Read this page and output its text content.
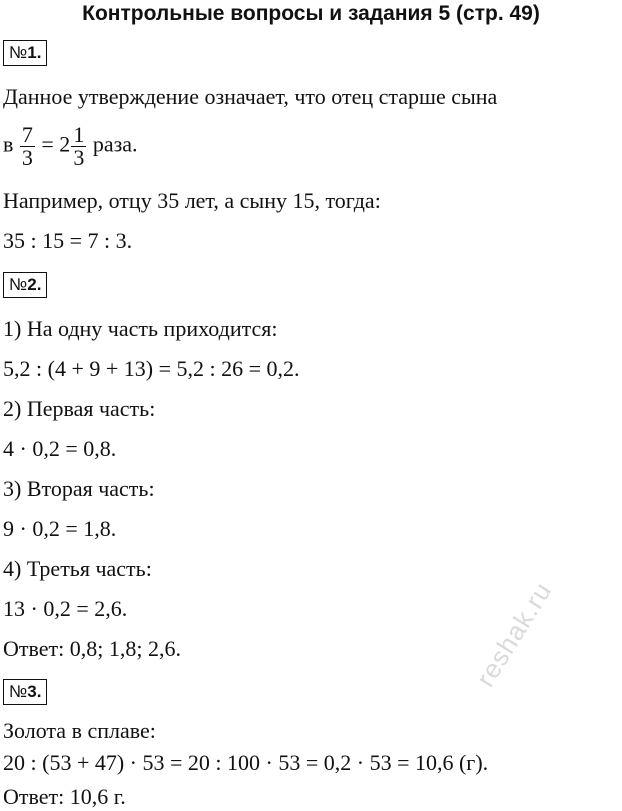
Контрольные вопросы и задания 5 (стр. 49)
№1.
Данное утверждение означает, что отец старше сына
в $\frac{7}{3} = 2 \frac{1}{3}$ раза.
Например, отцу 35 лет, а сыну 15, тогда:
35 : 15 = 7 : 3.
№2.
1) На одну часть приходится:
5,2 : (4 + 9 + 13) = 5,2 : 26 = 0,2.
2) Первая часть:
4 · 0,2 = 0,8.
3) Вторая часть:
9 · 0,2 = 1,8.
4) Третья часть:
13 · 0,2 = 2,6.
Ответ: 0,8; 1,8; 2,6.
№3.
Золота в сплаве:
20 : (53 + 47) · 53 = 20 : 100 · 53 = 0,2 · 53 = 10,6 (г).
Ответ: 10,6 г.
reshak.ru
